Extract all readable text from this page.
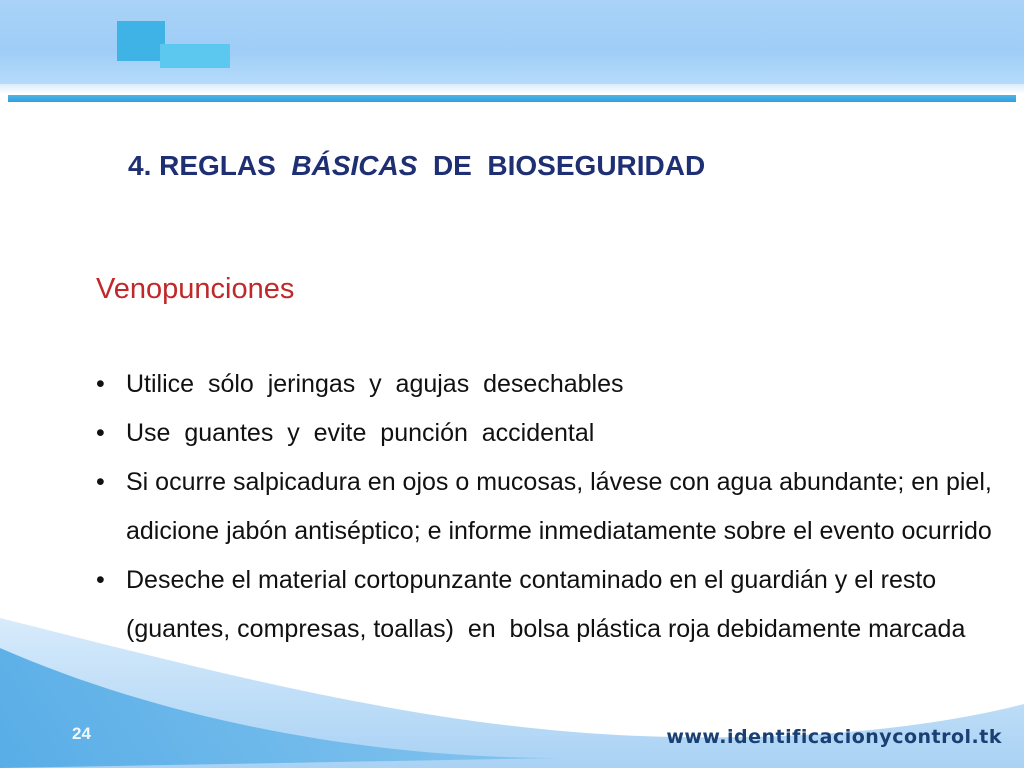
4. REGLAS  BÁSICAS  DE  BIOSEGURIDAD
Venopunciones
• Utilice  sólo  jeringas  y  agujas  desechables
• Use  guantes  y  evite  punción  accidental
• Si ocurre salpicadura en ojos o mucosas, lávese con agua abundante; en piel, adicione jabón antiséptico; e informe inmediatamente sobre el evento ocurrido
• Deseche el material cortopunzante contaminado en el guardián y el resto (guantes, compresas, toallas)  en  bolsa plástica roja debidamente marcada
24	www.identificacionycontrol.tk
